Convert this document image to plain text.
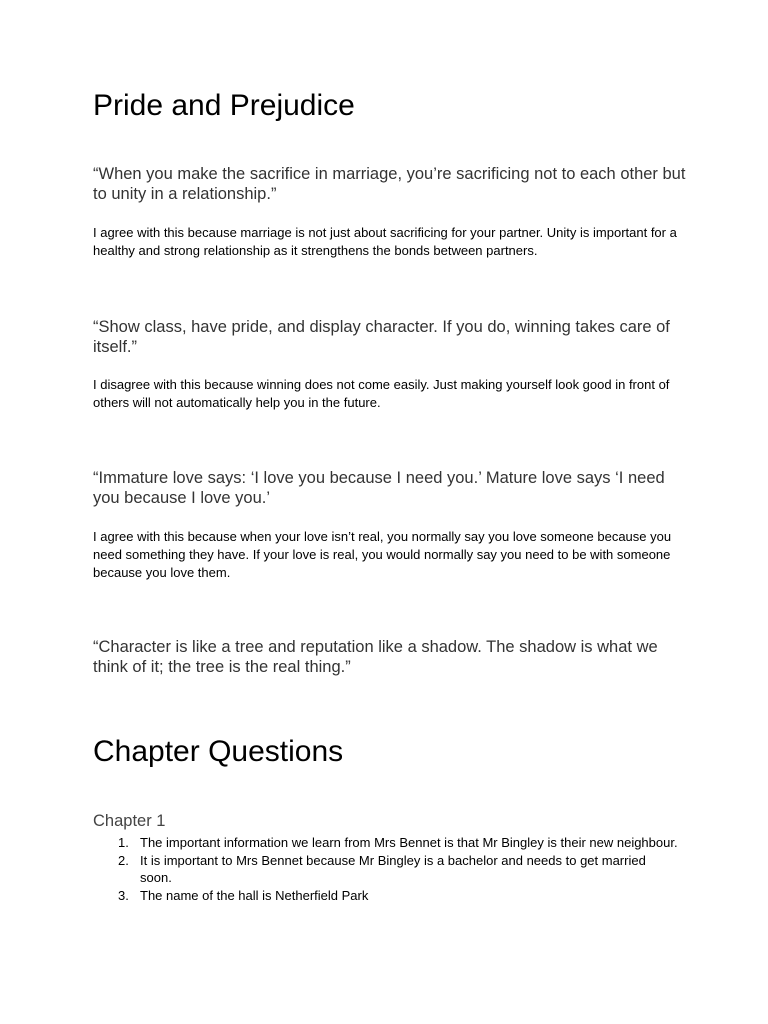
Pride and Prejudice

“When you make the sacrifice in marriage, you’re sacrificing not to each other but to unity in a relationship.”

I agree with this because marriage is not just about sacrificing for your partner. Unity is important for a healthy and strong relationship as it strengthens the bonds between partners.

“Show class, have pride, and display character. If you do, winning takes care of itself.”

I disagree with this because winning does not come easily. Just making yourself look good in front of others will not automatically help you in the future.

“Immature love says: ‘I love you because I need you.’ Mature love says ‘I need you because I love you.’

I agree with this because when your love isn’t real, you normally say you love someone because you need something they have. If your love is real, you would normally say you need to be with someone because you love them.

“Character is like a tree and reputation like a shadow. The shadow is what we think of it; the tree is the real thing.”

Chapter Questions
Chapter 1
1. The important information we learn from Mrs Bennet is that Mr Bingley is their new neighbour.
2. It is important to Mrs Bennet because Mr Bingley is a bachelor and needs to get married soon.
3. The name of the hall is Netherfield Park
